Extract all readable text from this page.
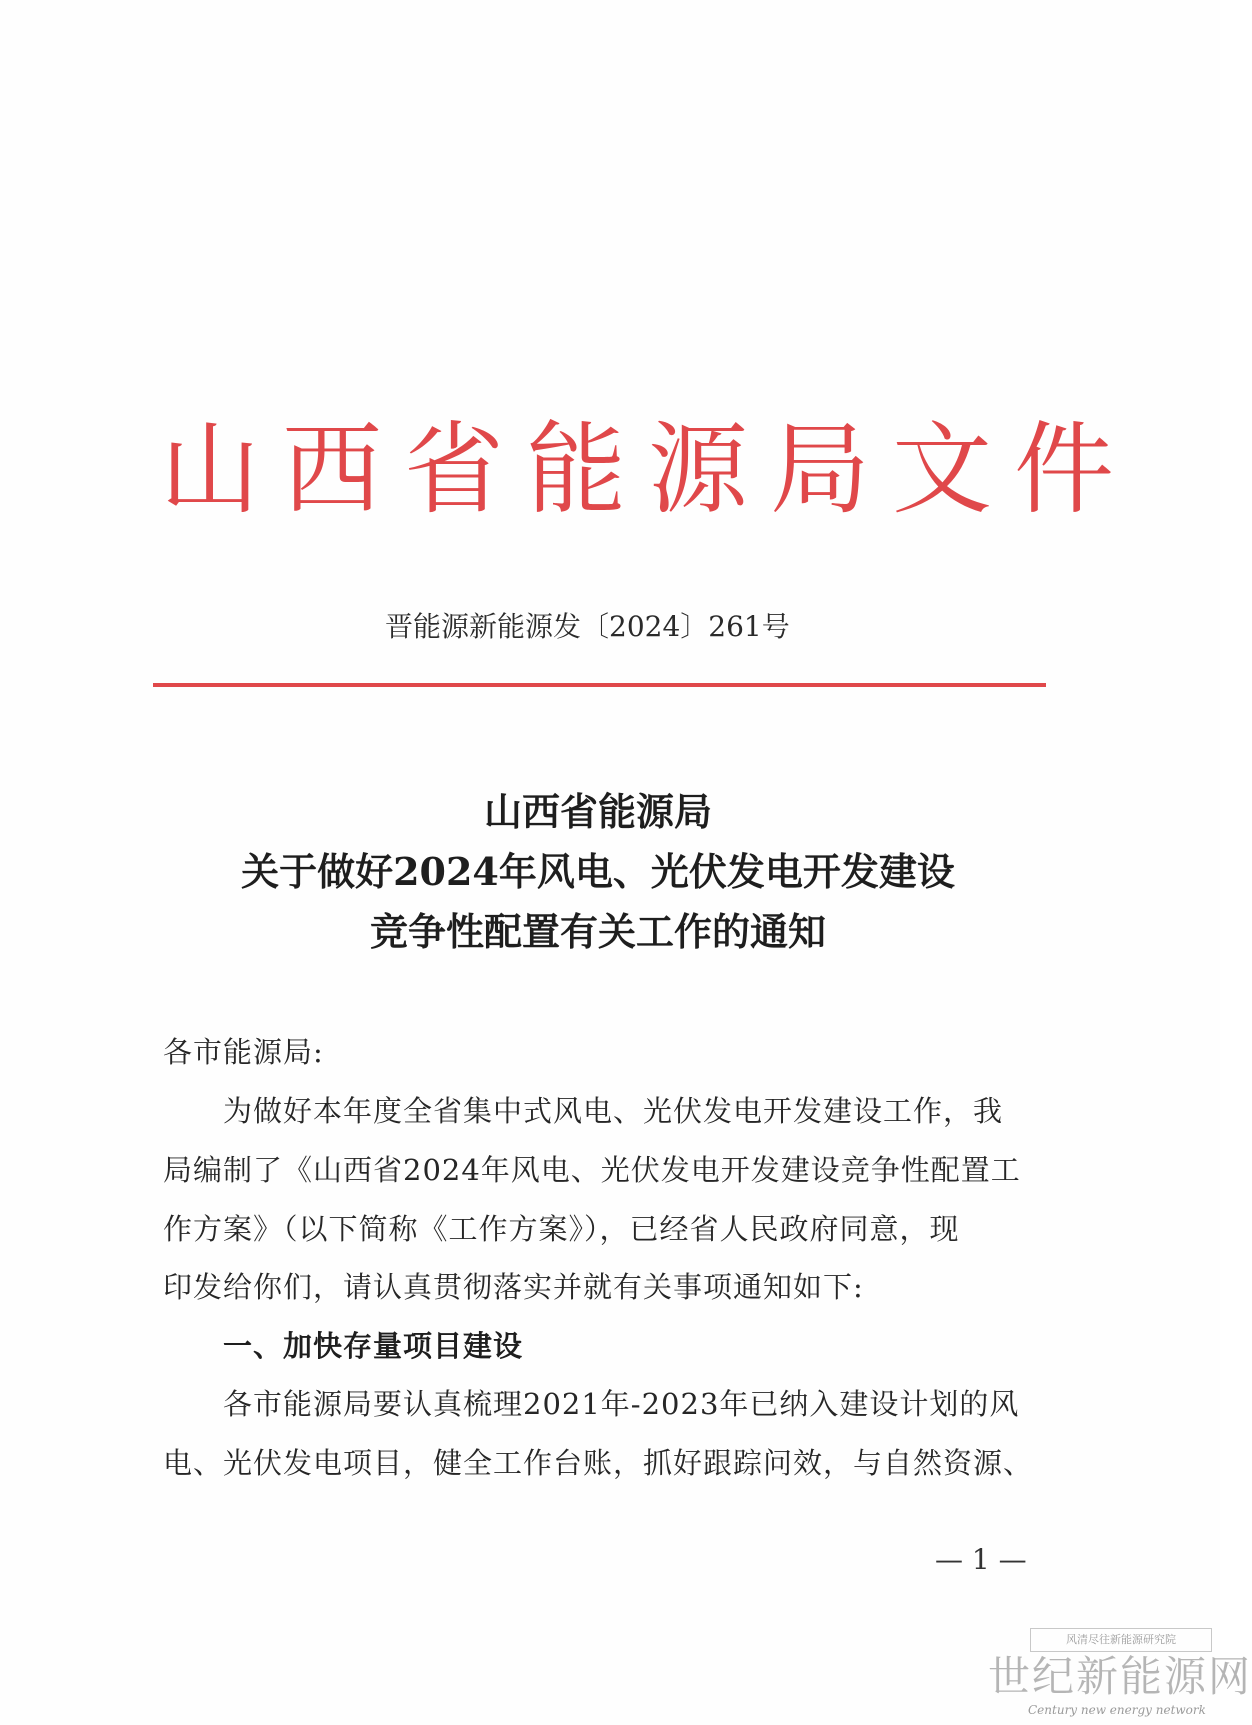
山西省能源局文件
晋能源新能源发〔2024〕261号
山西省能源局
关于做好2024年风电、光伏发电开发建设
竞争性配置有关工作的通知
各市能源局:
　　为做好本年度全省集中式风电、光伏发电开发建设工作，我
局编制了《山西省2024年风电、光伏发电开发建设竞争性配置工
作方案》（以下简称《工作方案》），已经省人民政府同意，现
印发给你们，请认真贯彻落实并就有关事项通知如下:
　　一、加快存量项目建设
　　各市能源局要认真梳理2021年-2023年已纳入建设计划的风
电、光伏发电项目，健全工作台账，抓好跟踪问效，与自然资源、
— 1 —
风清尽往新能源研究院
世纪新能源网
Century new energy network
